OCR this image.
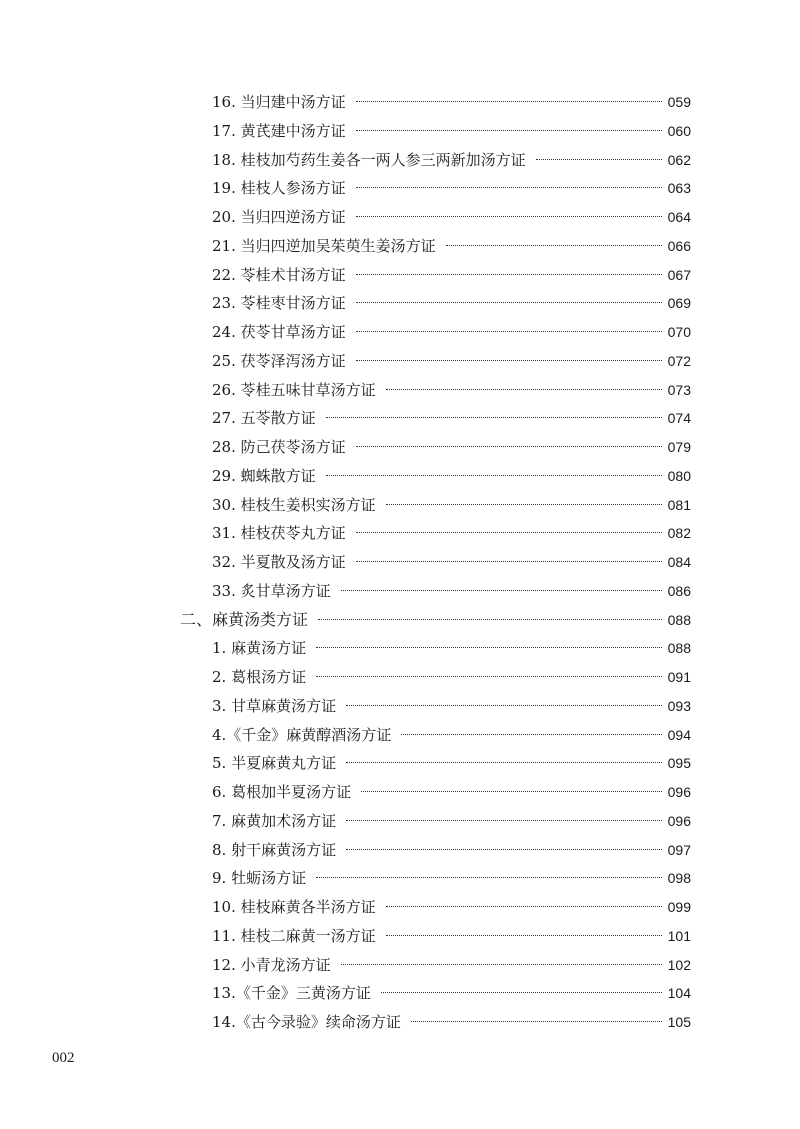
16. 当归建中汤方证	059
17. 黄芪建中汤方证	060
18. 桂枝加芍药生姜各一两人参三两新加汤方证	062
19. 桂枝人参汤方证	063
20. 当归四逆汤方证	064
21. 当归四逆加吴茱萸生姜汤方证	066
22. 苓桂术甘汤方证	067
23. 苓桂枣甘汤方证	069
24. 茯苓甘草汤方证	070
25. 茯苓泽泻汤方证	072
26. 苓桂五味甘草汤方证	073
27. 五苓散方证	074
28. 防己茯苓汤方证	079
29. 蜘蛛散方证	080
30. 桂枝生姜枳实汤方证	081
31. 桂枝茯苓丸方证	082
32. 半夏散及汤方证	084
33. 炙甘草汤方证	086
二、麻黄汤类方证	088
1. 麻黄汤方证	088
2. 葛根汤方证	091
3. 甘草麻黄汤方证	093
4.《千金》麻黄醇酒汤方证	094
5. 半夏麻黄丸方证	095
6. 葛根加半夏汤方证	096
7. 麻黄加术汤方证	096
8. 射干麻黄汤方证	097
9. 牡蛎汤方证	098
10. 桂枝麻黄各半汤方证	099
11. 桂枝二麻黄一汤方证	101
12. 小青龙汤方证	102
13.《千金》三黄汤方证	104
14.《古今录验》续命汤方证	105
002
